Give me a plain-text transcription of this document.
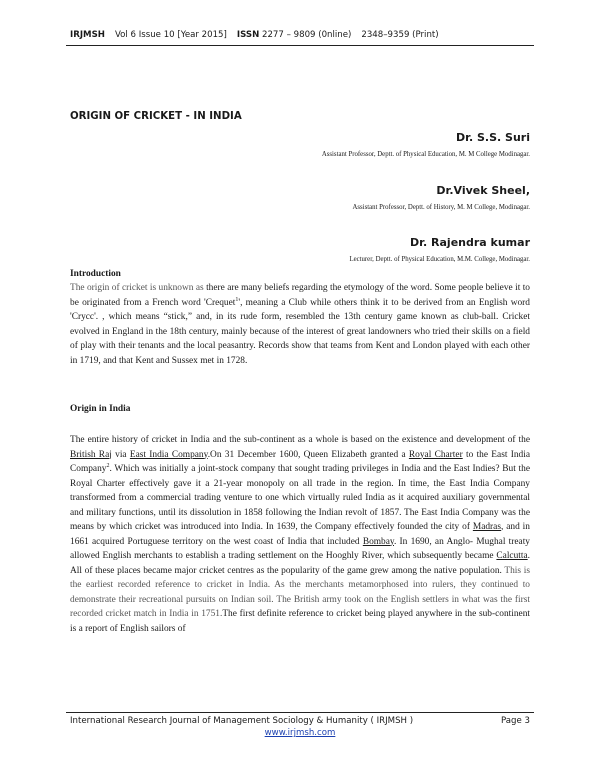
IRJMSH Vol 6 Issue 10 [Year 2015] ISSN 2277 – 9809 (0nline) 2348–9359 (Print)
ORIGIN OF CRICKET - IN INDIA
Dr. S.S. Suri
Assistant Professor, Deptt. of Physical Education, M. M College Modinagar.
Dr.Vivek Sheel,
Assistant Professor, Deptt. of History, M. M College, Modinagar.
Dr. Rajendra kumar
Lecturer, Deptt. of Physical Education, M.M. College, Modinagar.
Introduction
The origin of cricket is unknown as there are many beliefs regarding the etymology of the word. Some people believe it to be originated from a French word 'Crequet$^1$', meaning a Club while others think it to be derived from an English word 'Crycc'. , which means “stick,” and, in its rude form, resembled the 13th century game known as club-ball. Cricket evolved in England in the 18th century, mainly because of the interest of great landowners who tried their skills on a field of play with their tenants and the local peasantry. Records show that teams from Kent and London played with each other in 1719, and that Kent and Sussex met in 1728.
Origin in India
The entire history of cricket in India and the sub-continent as a whole is based on the existence and development of the British Raj via East India Company.On 31 December 1600, Queen Elizabeth granted a Royal Charter to the East India Company$^2$. Which was initially a joint-stock company that sought trading privileges in India and the East Indies? But the Royal Charter effectively gave it a 21-year monopoly on all trade in the region. In time, the East India Company transformed from a commercial trading venture to one which virtually ruled India as it acquired auxiliary governmental and military functions, until its dissolution in 1858 following the Indian revolt of 1857. The East India Company was the means by which cricket was introduced into India. In 1639, the Company effectively founded the city of Madras, and in 1661 acquired Portuguese territory on the west coast of India that included Bombay. In 1690, an Anglo- Mughal treaty allowed English merchants to establish a trading settlement on the Hooghly River, which subsequently became Calcutta. All of these places became major cricket centres as the popularity of the game grew among the native population. This is the earliest recorded reference to cricket in India. As the merchants metamorphosed into rulers, they continued to demonstrate their recreational pursuits on Indian soil. The British army took on the English settlers in what was the first recorded cricket match in India in 1751.The first definite reference to cricket being played anywhere in the sub-continent is a report of English sailors of
International Research Journal of Management Sociology & Humanity ( IRJMSH )	Page 3
www.irjmsh.com
